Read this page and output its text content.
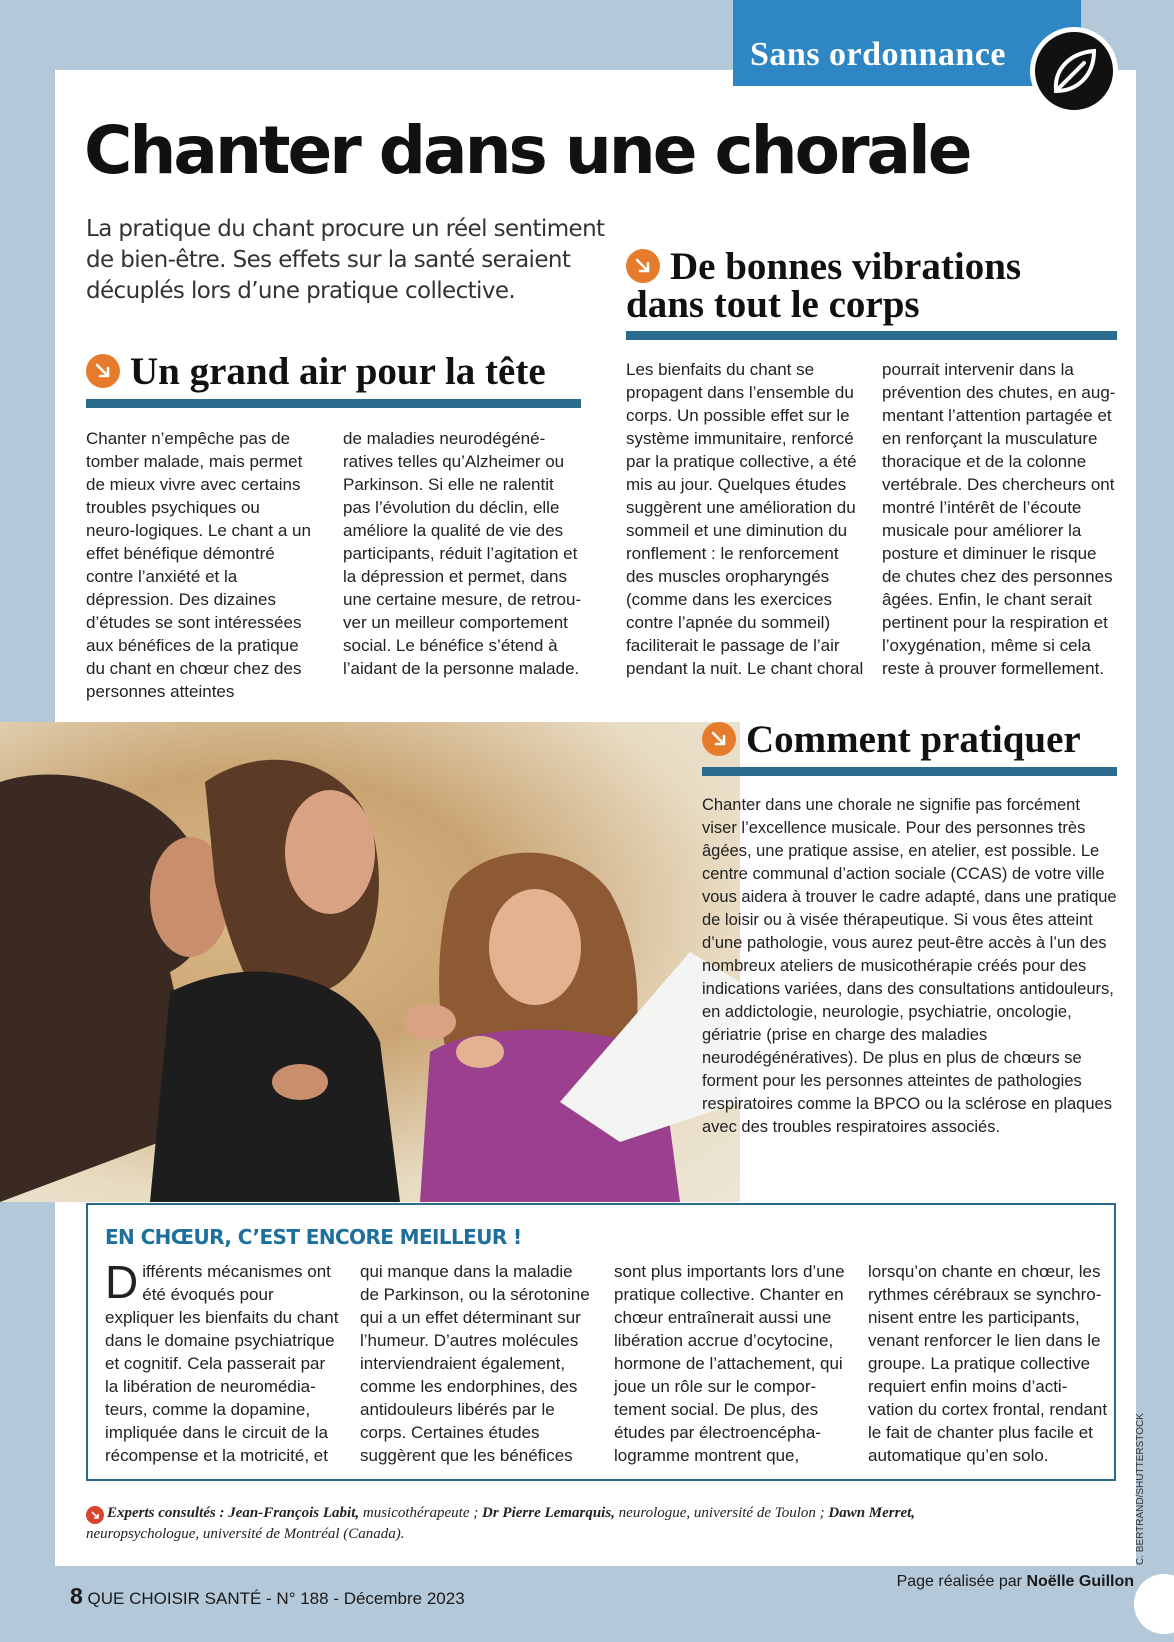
Sans ordonnance
Chanter dans une chorale

La pratique du chant procure un réel sentiment de bien-être. Ses effets sur la santé seraient décuplés lors d’une pratique collective.

Un grand air pour la tête

Chanter n’empêche pas de tomber malade, mais permet de mieux vivre avec certains troubles psychiques ou neuro-logiques. Le chant a un effet bénéfique démontré contre l’anxiété et la dépression. Des dizaines d’études se sont intéressées aux bénéfices de la pratique du chant en chœur chez des personnes atteintes

de maladies neurodégéné-ratives telles qu’Alzheimer ou Parkinson. Si elle ne ralentit pas l’évolution du déclin, elle améliore la qualité de vie des participants, réduit l’agitation et la dépression et permet, dans une certaine mesure, de retrou-ver un meilleur comportement social. Le bénéfice s’étend à l’aidant de la personne malade.

De bonnes vibrations
dans tout le corps

Les bienfaits du chant se propagent dans l’ensemble du corps. Un possible effet sur le système immunitaire, renforcé par la pratique collective, a été mis au jour. Quelques études suggèrent une amélioration du sommeil et une diminution du ronflement : le renforcement des muscles oropharyngés (comme dans les exercices contre l’apnée du sommeil) faciliterait le passage de l’air pendant la nuit. Le chant choral

pourrait intervenir dans la prévention des chutes, en aug-mentant l’attention partagée et en renforçant la musculature thoracique et de la colonne vertébrale. Des chercheurs ont montré l’intérêt de l’écoute musicale pour améliorer la posture et diminuer le risque de chutes chez des personnes âgées. Enfin, le chant serait pertinent pour la respiration et l’oxygénation, même si cela reste à prouver formellement.

Comment pratiquer

Chanter dans une chorale ne signifie pas forcément viser l’excellence musicale. Pour des personnes très âgées, une pratique assise, en atelier, est possible. Le centre communal d’action sociale (CCAS) de votre ville vous aidera à trouver le cadre adapté, dans une pratique de loisir ou à visée thérapeutique. Si vous êtes atteint d’une pathologie, vous aurez peut-être accès à l’un des nombreux ateliers de musicothérapie créés pour des indications variées, dans des consultations antidouleurs, en addictologie, neurologie, psychiatrie, oncologie, gériatrie (prise en charge des maladies neurodégénératives). De plus en plus de chœurs se forment pour les personnes atteintes de pathologies respiratoires comme la BPCO ou la sclérose en plaques avec des troubles respiratoires associés.

EN CHŒUR, C’EST ENCORE MEILLEUR !
D ifférents mécanismes ont été évoqués pour expliquer les bienfaits du chant dans le domaine psychiatrique et cognitif. Cela passerait par la libération de neuromédia-teurs, comme la dopamine, impliquée dans le circuit de la récompense et la motricité, et

qui manque dans la maladie de Parkinson, ou la sérotonine qui a un effet déterminant sur l’humeur. D’autres molécules interviendraient également, comme les endorphines, des antidouleurs libérés par le corps. Certaines études suggèrent que les bénéfices

sont plus importants lors d’une pratique collective. Chanter en chœur entraînerait aussi une libération accrue d’ocytocine, hormone de l’attachement, qui joue un rôle sur le compor-tement social. De plus, des études par électroencépha-logramme montrent que,

lorsqu’on chante en chœur, les rythmes cérébraux se synchro-nisent entre les participants, venant renforcer le lien dans le groupe. La pratique collective requiert enfin moins d’acti-vation du cortex frontal, rendant le fait de chanter plus facile et automatique qu’en solo.

Experts consultés : Jean-François Labit, musicothérapeute ; Dr Pierre Lemarquis, neurologue, université de Toulon ; Dawn Merret, neuropsychologue, université de Montréal (Canada).	C. BERTRAND/SHUTTERSTOCK
8 QUE CHOISIR SANTÉ - N° 188 - Décembre 2023
Page réalisée par Noëlle Guillon
